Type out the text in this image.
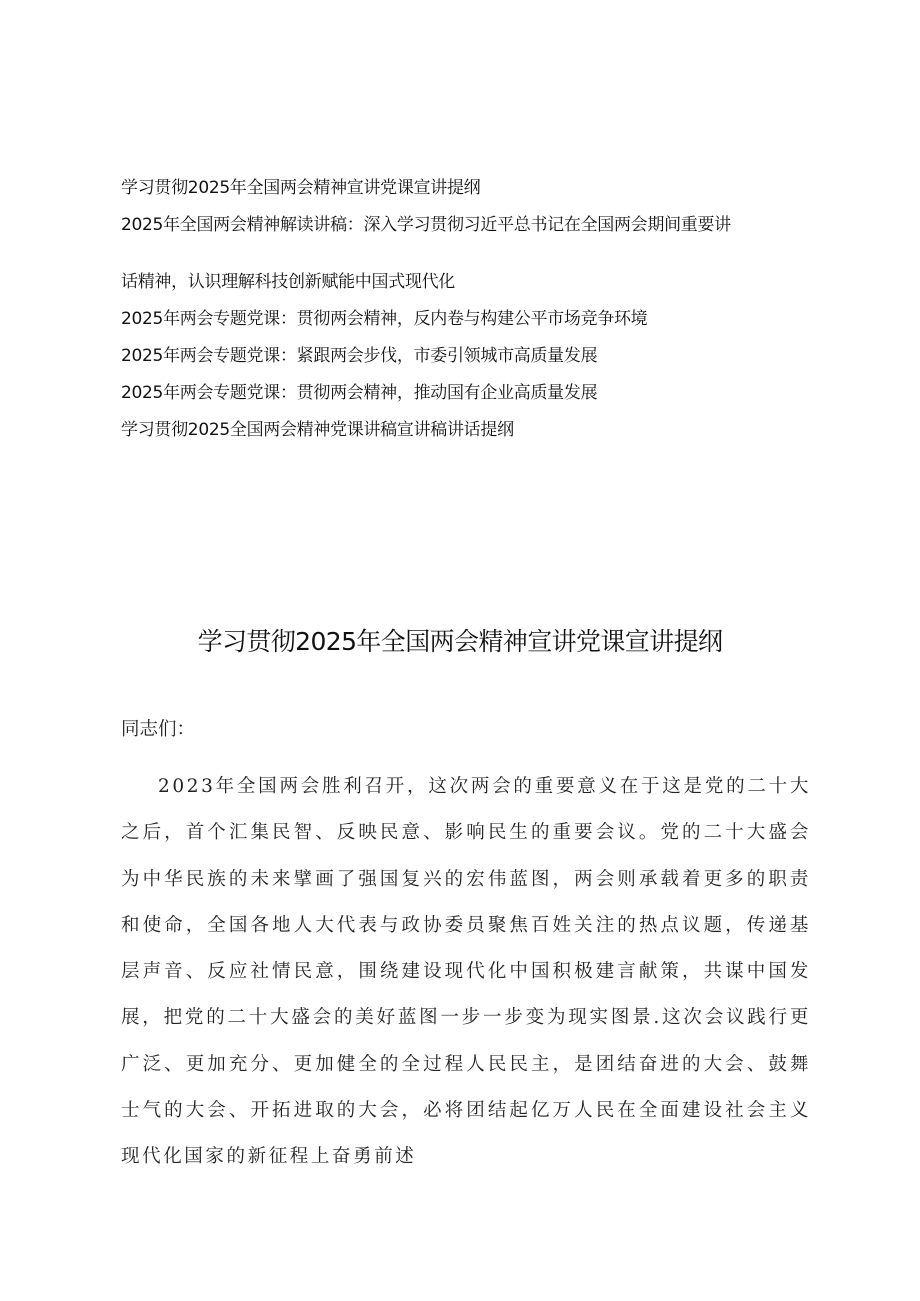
学习贯彻2025年全国两会精神宣讲党课宣讲提纲
2025年全国两会精神解读讲稿：深入学习贯彻习近平总书记在全国两会期间重要讲
话精神，认识理解科技创新赋能中国式现代化
2025年两会专题党课：贯彻两会精神，反内卷与构建公平市场竞争环境
2025年两会专题党课：紧跟两会步伐，市委引领城市高质量发展
2025年两会专题党课：贯彻两会精神，推动国有企业高质量发展
学习贯彻2025全国两会精神党课讲稿宣讲稿讲话提纲
学习贯彻2025年全国两会精神宣讲党课宣讲提纲

同志们：

2023年全国两会胜利召开，这次两会的重要意义在于这是党的二十大之后，首个汇集民智、反映民意、影响民生的重要会议。党的二十大盛会为中华民族的未来擘画了强国复兴的宏伟蓝图，两会则承载着更多的职责和使命，全国各地人大代表与政协委员聚焦百姓关注的热点议题，传递基层声音、反应社情民意，围绕建设现代化中国积极建言献策，共谋中国发展，把党的二十大盛会的美好蓝图一步一步变为现实图景.这次会议践行更广泛、更加充分、更加健全的全过程人民民主，是团结奋进的大会、鼓舞士气的大会、开拓进取的大会，必将团结起亿万人民在全面建设社会主义现代化国家的新征程上奋勇前述
